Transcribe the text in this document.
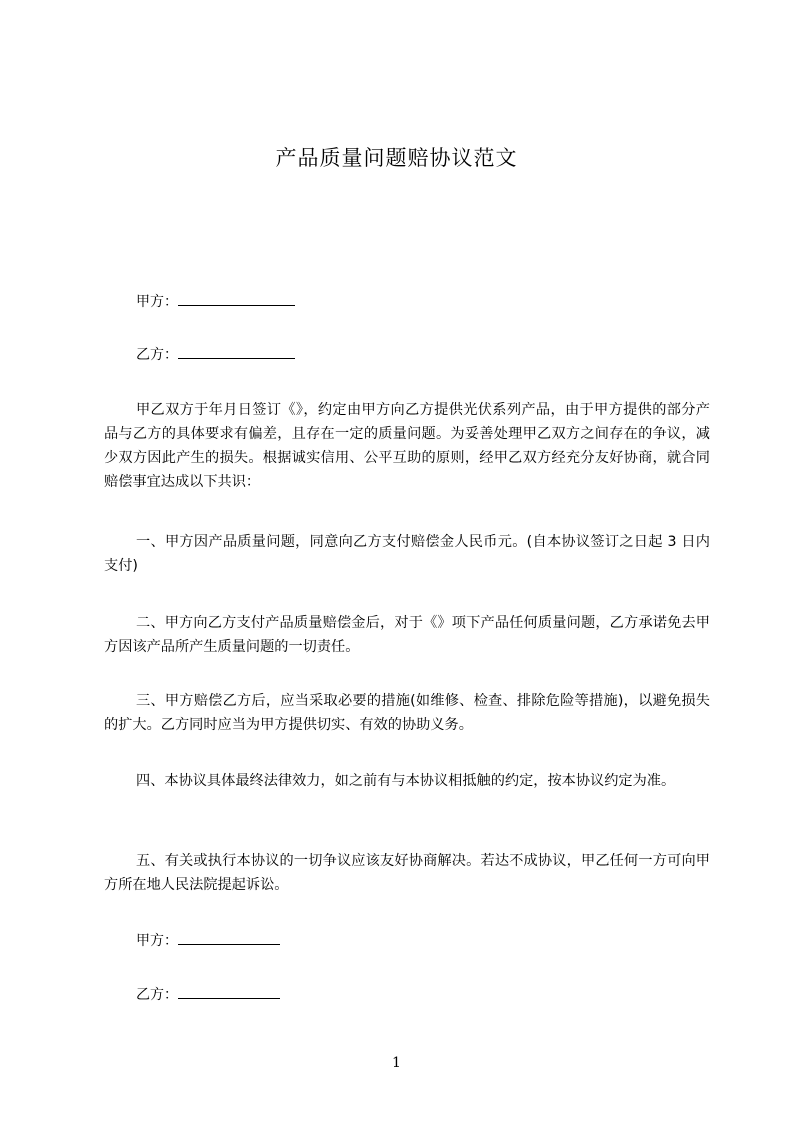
产品质量问题赔协议范文
甲方：
乙方：
甲乙双方于年月日签订《》，约定由甲方向乙方提供光伏系列产品，由于甲方提供的部分产品与乙方的具体要求有偏差，且存在一定的质量问题。为妥善处理甲乙双方之间存在的争议，减少双方因此产生的损失。根据诚实信用、公平互助的原则，经甲乙双方经充分友好协商，就合同赔偿事宜达成以下共识：
一、甲方因产品质量问题，同意向乙方支付赔偿金人民币元。(自本协议签订之日起 3 日内支付)
二、甲方向乙方支付产品质量赔偿金后，对于《》项下产品任何质量问题，乙方承诺免去甲方因该产品所产生质量问题的一切责任。
三、甲方赔偿乙方后，应当采取必要的措施(如维修、检查、排除危险等措施)，以避免损失的扩大。乙方同时应当为甲方提供切实、有效的协助义务。
四、本协议具体最终法律效力，如之前有与本协议相抵触的约定，按本协议约定为准。
五、有关或执行本协议的一切争议应该友好协商解决。若达不成协议，甲乙任何一方可向甲方所在地人民法院提起诉讼。
甲方：
乙方：
1
